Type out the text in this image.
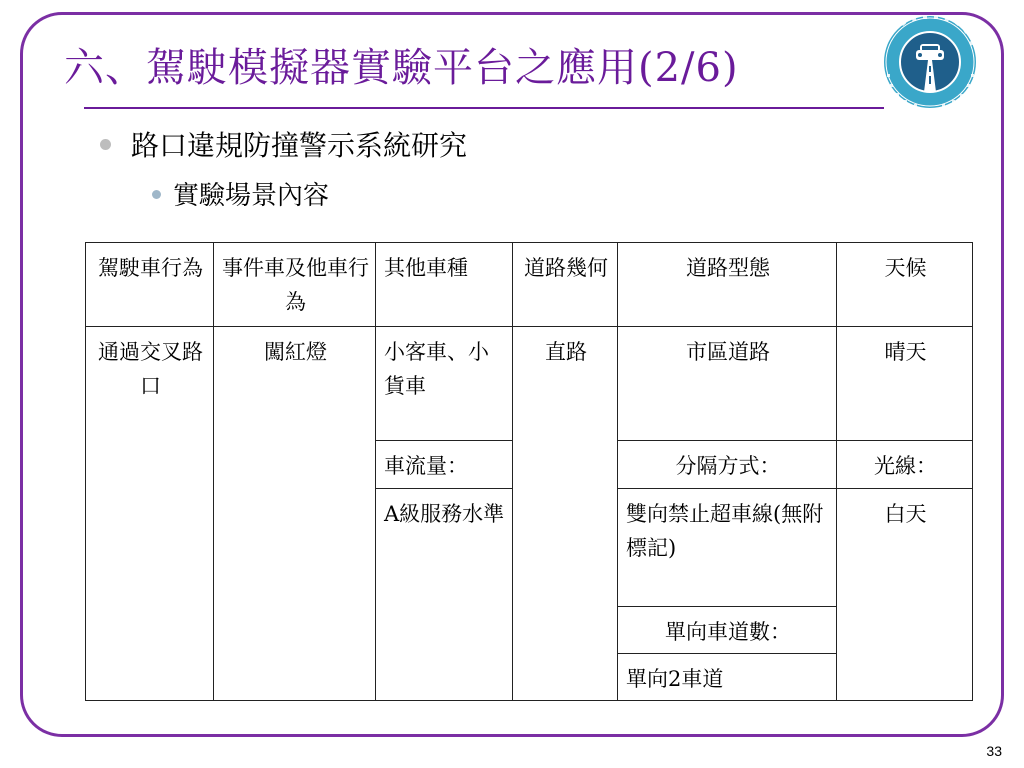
六、駕駛模擬器實驗平台之應用(2/6)
路口違規防撞警示系統研究
實驗場景內容
駕駛車行為	事件車及他車行為	其他車種	道路幾何	道路型態	天候
通過交叉路口	闖紅燈	小客車、小貨車	直路	市區道路	晴天
		車流量：		分隔方式：	光線：
		A級服務水準		雙向禁止超車線(無附標記)	白天
				單向車道數：	
				單向2車道	
33
